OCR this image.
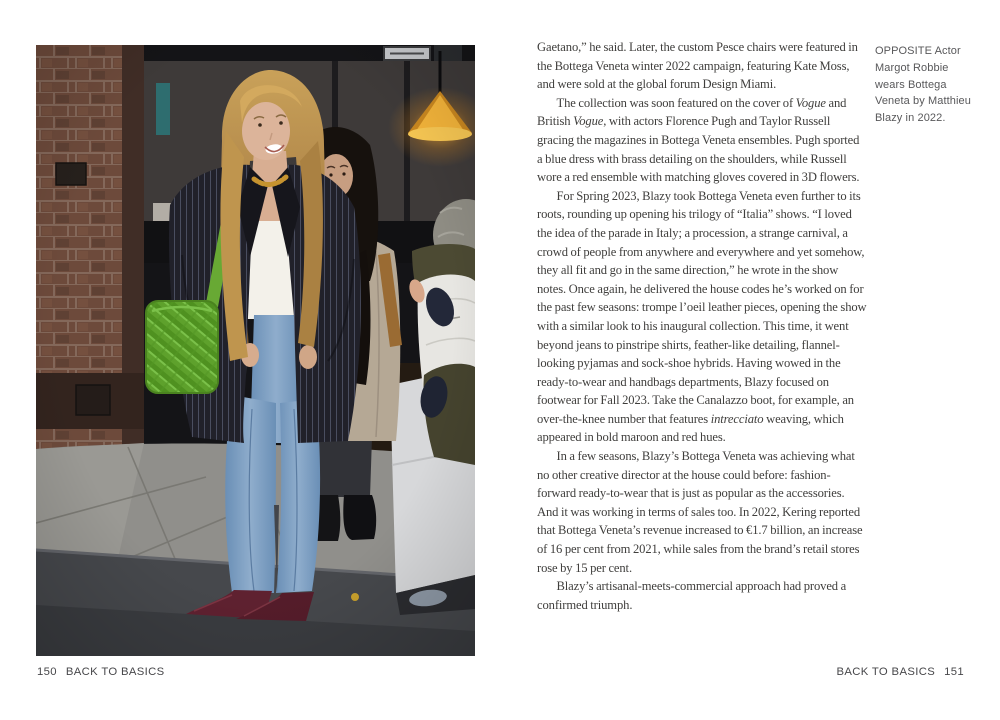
150 BACK TO BASICS

Gaetano,” he said. Later, the custom Pesce chairs were featured in the Bottega Veneta winter 2022 campaign, featuring Kate Moss, and were sold at the global forum Design Miami.

The collection was soon featured on the cover of Vogue and British Vogue, with actors Florence Pugh and Taylor Russell gracing the magazines in Bottega Veneta ensembles. Pugh sported a blue dress with brass detailing on the shoulders, while Russell wore a red ensemble with matching gloves covered in 3D flowers.

For Spring 2023, Blazy took Bottega Veneta even further to its roots, rounding up opening his trilogy of “Italia” shows. “I loved the idea of the parade in Italy; a procession, a strange carnival, a crowd of people from anywhere and everywhere and yet somehow, they all fit and go in the same direction,” he wrote in the show notes. Once again, he delivered the house codes he’s worked on for the past few seasons: trompe l’oeil leather pieces, opening the show with a similar look to his inaugural collection. This time, it went beyond jeans to pinstripe shirts, feather-like detailing, flannel-looking pyjamas and sock-shoe hybrids. Having wowed in the ready-to-wear and handbags departments, Blazy focused on footwear for Fall 2023. Take the Canalazzo boot, for example, an over-the-knee number that features intrecciato weaving, which appeared in bold maroon and red hues.

In a few seasons, Blazy’s Bottega Veneta was achieving what no other creative director at the house could before: fashion-forward ready-to-wear that is just as popular as the accessories. And it was working in terms of sales too. In 2022, Kering reported that Bottega Veneta’s revenue increased to €1.7 billion, an increase of 16 per cent from 2021, while sales from the brand’s retail stores rose by 15 per cent.

Blazy’s artisanal-meets-commercial approach had proved a confirmed triumph.

OPPOSITE Actor Margot Robbie wears Bottega Veneta by Matthieu Blazy in 2022.
BACK TO BASICS 151
